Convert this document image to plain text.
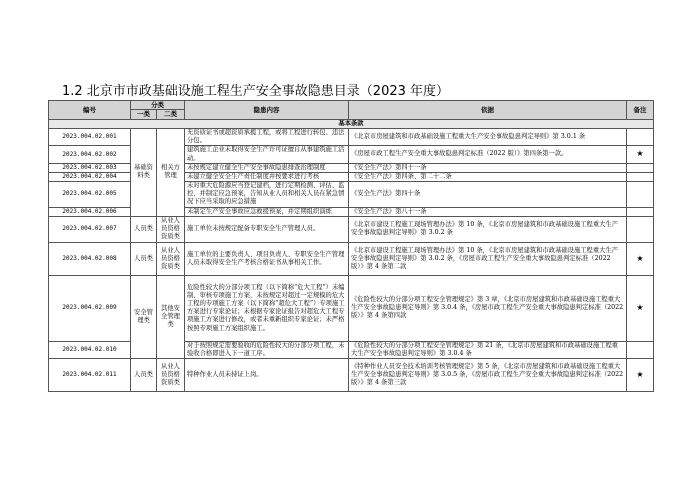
1.2 北京市市政基础设施工程生产安全事故隐患目录（2023 年度）
编号	分类		隐患内容	依据	备注
	一类	二类			
基本条款					
2023.004.02.001	基础资料类	相关方管理	无资质证书或超资质承揽工程，或将工程进行转包、违法分包。	《北京市房屋建筑和市政基础设施工程重大生产安全事故隐患判定导则》第 3.0.1 条	
2023.004.02.002			建筑施工企业未取得安全生产许可证擅自从事建筑施工活动。	《房屋市政工程生产安全重大事故隐患判定标准（2022 版）》第四条第一款。	★
2023.004.02.003			未按规定建立健全生产安全事故隐患排查治理制度	《安全生产法》第四十一条	
2023.004.02.004			未建立健全安全生产责任制度并按要求进行考核	《安全生产法》第四条、第二十二条	
2023.004.02.005			未对重大危险源应当登记建档，进行定期检测、评估、监控，并制定应急预案，告知从业人员和相关人员在紧急情况下应当采取的应急措施	《安全生产法》第四十条	
2023.004.02.006			未制定生产安全事故应急救援预案，并定期组织演练	《安全生产法》第八十一条	
2023.004.02.007	人员类	从业人员资格资质类	施工单位未按规定配备专职安全生产管理人员。	《北京市建设工程施工现场管理办法》第 10 条，《北京市房屋建筑和市政基础设施工程重大生产安全事故隐患判定导则》第 3.0.2 条	
2023.004.02.008	人员类	从业人员资格资质类	施工单位的主要负责人、项目负责人、专职安全生产管理人员未取得安全生产考核合格证书从事相关工作。	《北京市建设工程施工现场管理办法》第 10 条，《北京市房屋建筑和市政基础设施工程重大生产安全事故隐患判定导则》第 3.0.2 条，《房屋市政工程生产安全重大事故隐患判定标准（2022 版）》第 4 条第二款	★
2023.004.02.009	安全管理类	其他安全管理类	危险性较大的分部分项工程（以下简称“危大工程”）未编制、审核专项施工方案，未按规定对超过一定规模的危大工程的专项施工方案（以下简称“超危大工程”）专项施工方案进行专家论证；未根据专家论证报告对超危大工程专项施工方案进行修改，或者未重新组织专家论证；未严格按照专项施工方案组织施工。	《危险性较大的分部分项工程安全管理规定》第 3 章，《北京市房屋建筑和市政基础设施工程重大生产安全事故隐患判定导则》第 3.0.4 条，《房屋市政工程生产安全重大事故隐患判定标准（2022 版）》第 4 条第四款	★
2023.004.02.010			对于按照规定需要验收的危险性较大的分部分项工程，未验收合格即进入下一道工序。	《危险性较大的分部分项工程安全管理规定》第 21 条，《北京市房屋建筑和市政基础设施工程重大生产安全事故隐患判定导则》第 3.0.4 条	
2023.004.02.011	人员类	从业人员资格资质类	特种作业人员未持证上岗。	《特种作业人员安全技术培训考核管理规定》第 5 条，《北京市房屋建筑和市政基础设施工程重大生产安全事故隐患判定导则》第 3.0.5 条，《房屋市政工程生产安全重大事故隐患判定标准（2022 版）》第 4 条第三款	★
